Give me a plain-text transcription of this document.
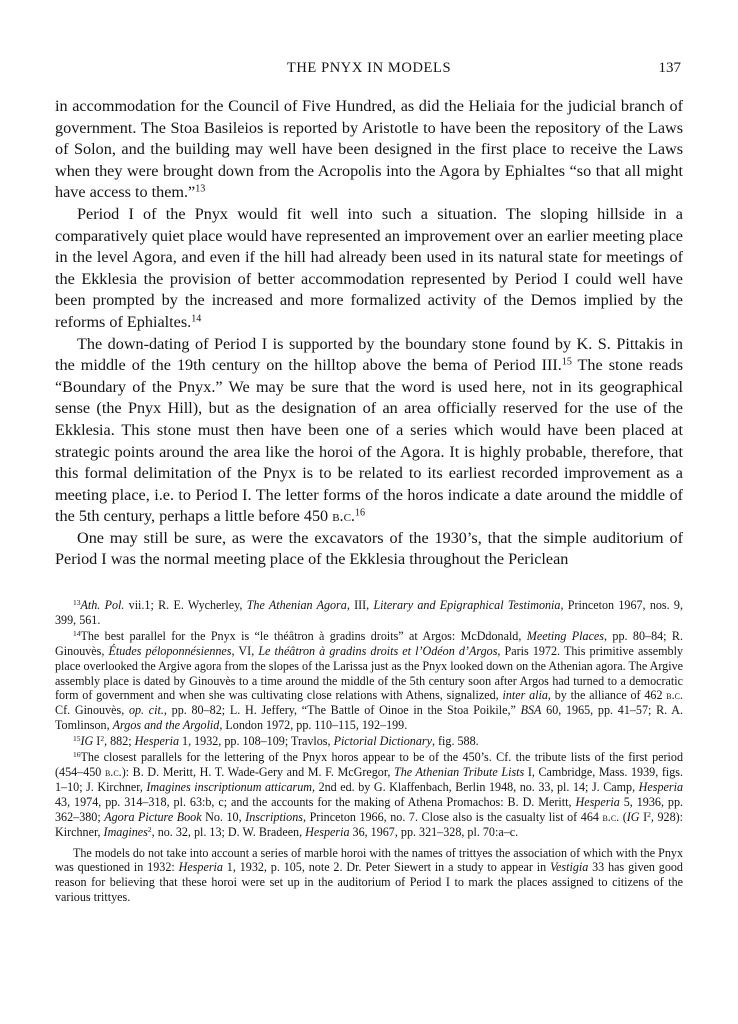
THE PNYX IN MODELS	137

in accommodation for the Council of Five Hundred, as did the Heliaia for the judicial branch of government. The Stoa Basileios is reported by Aristotle to have been the repository of the Laws of Solon, and the building may well have been designed in the first place to receive the Laws when they were brought down from the Acropolis into the Agora by Ephialtes “so that all might have access to them.”$^{13}$

Period I of the Pnyx would fit well into such a situation. The sloping hillside in a comparatively quiet place would have represented an improvement over an earlier meeting place in the level Agora, and even if the hill had already been used in its natural state for meetings of the Ekklesia the provision of better accommodation represented by Period I could well have been prompted by the increased and more formalized activity of the Demos implied by the reforms of Ephialtes.$^{14}$

The down-dating of Period I is supported by the boundary stone found by K. S. Pittakis in the middle of the 19th century on the hilltop above the bema of Period III.$^{15}$ The stone reads “Boundary of the Pnyx.” We may be sure that the word is used here, not in its geographical sense (the Pnyx Hill), but as the designation of an area officially reserved for the use of the Ekklesia. This stone must then have been one of a series which would have been placed at strategic points around the area like the horoi of the Agora. It is highly probable, therefore, that this formal delimitation of the Pnyx is to be related to its earliest recorded improvement as a meeting place, i.e. to Period I. The letter forms of the horos indicate a date around the middle of the 5th century, perhaps a little before 450 b.c.$^{16}$

One may still be sure, as were the excavators of the 1930’s, that the simple auditorium of Period I was the normal meeting place of the Ekklesia throughout the Periclean

$^{13}$Ath. Pol. vii.1; R. E. Wycherley, The Athenian Agora, III, Literary and Epigraphical Testimonia, Princeton 1967, nos. 9, 399, 561.

$^{14}$The best parallel for the Pnyx is “le théâtron à gradins droits” at Argos: McDdonald, Meeting Places, pp. 80–84; R. Ginouvès, Études péloponnésiennes, VI, Le théâtron à gradins droits et l’Odéon d’Argos, Paris 1972. This primitive assembly place overlooked the Argive agora from the slopes of the Larissa just as the Pnyx looked down on the Athenian agora. The Argive assembly place is dated by Ginouvès to a time around the middle of the 5th century soon after Argos had turned to a democratic form of government and when she was cultivating close relations with Athens, signalized, inter alia, by the alliance of 462 b.c. Cf. Ginouvès, op. cit., pp. 80–82; L. H. Jeffery, “The Battle of Oinoe in the Stoa Poikile,” BSA 60, 1965, pp. 41–57; R. A. Tomlinson, Argos and the Argolid, London 1972, pp. 110–115, 192–199.

$^{15}$IG $I^2$, 882; Hesperia 1, 1932, pp. 108–109; Travlos, Pictorial Dictionary, fig. 588.

$^{16}$The closest parallels for the lettering of the Pnyx horos appear to be of the 450’s. Cf. the tribute lists of the first period (454–450 b.c.): B. D. Meritt, H. T. Wade-Gery and M. F. McGregor, The Athenian Tribute Lists I, Cambridge, Mass. 1939, figs. 1–10; J. Kirchner, Imagines inscriptionum atticarum, 2nd ed. by G. Klaffenbach, Berlin 1948, no. 33, pl. 14; J. Camp, Hesperia 43, 1974, pp. 314–318, pl. 63:b, c; and the accounts for the making of Athena Promachos: B. D. Meritt, Hesperia 5, 1936, pp. 362–380; Agora Picture Book No. 10, Inscriptions, Princeton 1966, no. 7. Close also is the casualty list of 464 b.c. (IG $I^2$, 928): Kirchner, Imagines$^2$, no. 32, pl. 13; D. W. Bradeen, Hesperia 36, 1967, pp. 321–328, pl. 70:a–c.

The models do not take into account a series of marble horoi with the names of trittyes the association of which with the Pnyx was questioned in 1932: Hesperia 1, 1932, p. 105, note 2. Dr. Peter Siewert in a study to appear in Vestigia 33 has given good reason for believing that these horoi were set up in the auditorium of Period I to mark the places assigned to citizens of the various trittyes.
